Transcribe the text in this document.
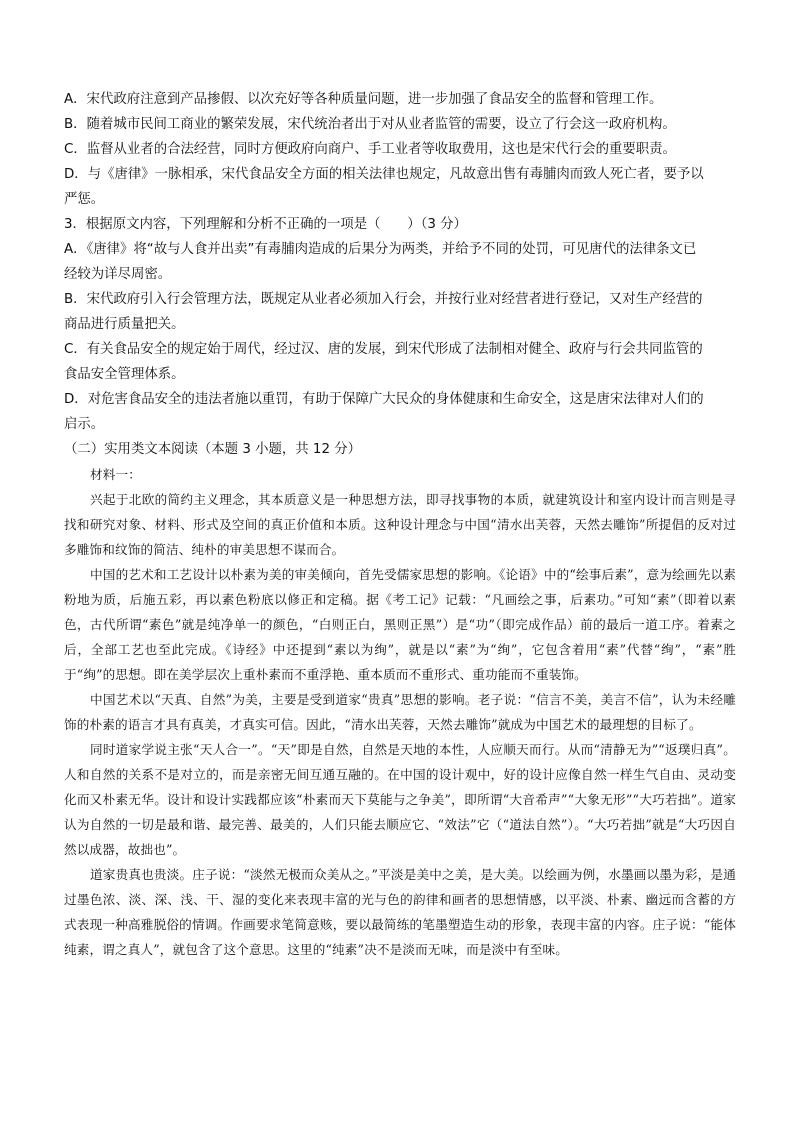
A．宋代政府注意到产品掺假、以次充好等各种质量问题，进一步加强了食品安全的监督和管理工作。

B．随着城市民间工商业的繁荣发展，宋代统治者出于对从业者监管的需要，设立了行会这一政府机构。

C．监督从业者的合法经营，同时方便政府向商户、手工业者等收取费用，这也是宋代行会的重要职责。

D．与《唐律》一脉相承，宋代食品安全方面的相关法律也规定，凡故意出售有毒脯肉而致人死亡者，要予以

严惩。

3．根据原文内容，下列理解和分析不正确的一项是（　　）（3 分）

A．《唐律》将“故与人食并出卖”有毒脯肉造成的后果分为两类，并给予不同的处罚，可见唐代的法律条文已

经较为详尽周密。

B．宋代政府引入行会管理方法，既规定从业者必须加入行会，并按行业对经营者进行登记，又对生产经营的

商品进行质量把关。

C．有关食品安全的规定始于周代，经过汉、唐的发展，到宋代形成了法制相对健全、政府与行会共同监管的

食品安全管理体系。

D．对危害食品安全的违法者施以重罚，有助于保障广大民众的身体健康和生命安全，这是唐宋法律对人们的

启示。

（二）实用类文本阅读（本题 3 小题，共 12 分）
材料一：

兴起于北欧的简约主义理念，其本质意义是一种思想方法，即寻找事物的本质，就建筑设计和室内设计而言则是寻找和研究对象、材料、形式及空间的真正价值和本质。这种设计理念与中国“清水出芙蓉，天然去雕饰”所提倡的反对过多雕饰和纹饰的简洁、纯朴的审美思想不谋而合。

中国的艺术和工艺设计以朴素为美的审美倾向，首先受儒家思想的影响。《论语》中的“绘事后素”，意为绘画先以素粉地为质，后施五彩，再以素色粉底以修正和定稿。据《考工记》记载：“凡画绘之事，后素功。”可知“素”（即着以素色，古代所谓“素色”就是纯净单一的颜色，“白则正白，黑则正黑”）是“功”（即完成作品）前的最后一道工序。着素之后，全部工艺也至此完成。《诗经》中还提到“素以为绚”，就是以“素”为“绚”，它包含着用“素”代替“绚”，“素”胜于“绚”的思想。即在美学层次上重朴素而不重浮艳、重本质而不重形式、重功能而不重装饰。

中国艺术以“天真、自然”为美，主要是受到道家“贵真”思想的影响。老子说：“信言不美，美言不信”，认为未经雕饰的朴素的语言才具有真美，才真实可信。因此，“清水出芙蓉，天然去雕饰”就成为中国艺术的最理想的目标了。

同时道家学说主张“天人合一”。“天”即是自然，自然是天地的本性，人应顺天而行。从而“清静无为”“返璞归真”。人和自然的关系不是对立的，而是亲密无间互通互融的。在中国的设计观中，好的设计应像自然一样生气自由、灵动变化而又朴素无华。设计和设计实践都应该“朴素而天下莫能与之争美”，即所谓“大音希声”“大象无形”“大巧若拙”。道家认为自然的一切是最和谐、最完善、最美的，人们只能去顺应它、“效法”它（“道法自然”）。“大巧若拙”就是“大巧因自然以成器，故拙也”。

道家贵真也贵淡。庄子说：“淡然无极而众美从之。”平淡是美中之美，是大美。以绘画为例，水墨画以墨为彩，是通过墨色浓、淡、深、浅、干、湿的变化来表现丰富的光与色的韵律和画者的思想情感，以平淡、朴素、幽远而含蓄的方式表现一种高雅脱俗的情调。作画要求笔简意赅，要以最简练的笔墨塑造生动的形象，表现丰富的内容。庄子说：“能体纯素，谓之真人”，就包含了这个意思。这里的“纯素”决不是淡而无味，而是淡中有至味。
